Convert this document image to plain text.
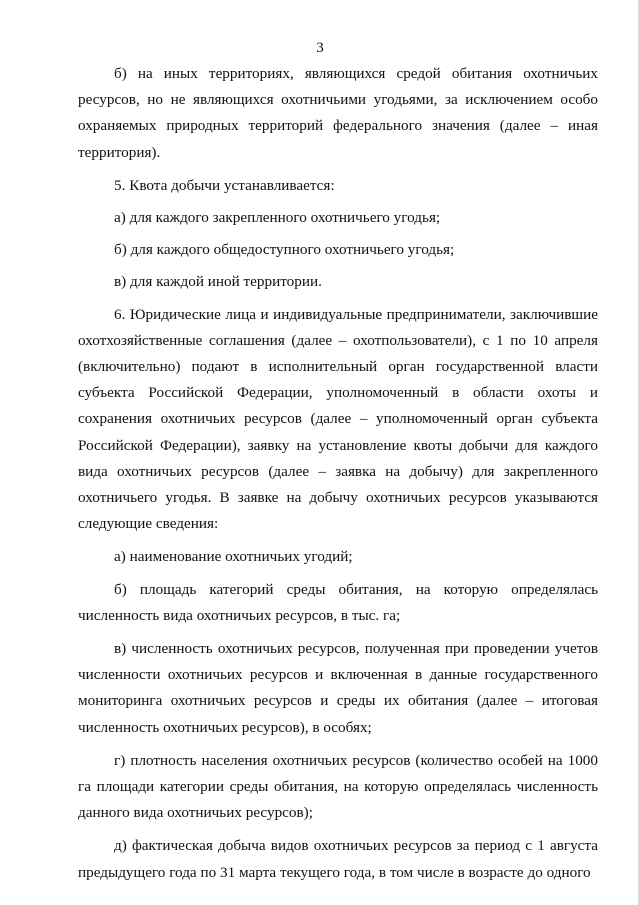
3

б) на иных территориях, являющихся средой обитания охотничьих ресурсов, но не являющихся охотничьими угодьями, за исключением особо охраняемых природных территорий федерального значения (далее – иная территория).

5. Квота добычи устанавливается:

а) для каждого закрепленного охотничьего угодья;

б) для каждого общедоступного охотничьего угодья;

в) для каждой иной территории.

6. Юридические лица и индивидуальные предприниматели, заключившие охотхозяйственные соглашения (далее – охотпользователи), с 1 по 10 апреля (включительно) подают в исполнительный орган государственной власти субъекта Российской Федерации, уполномоченный в области охоты и сохранения охотничьих ресурсов (далее – уполномоченный орган субъекта Российской Федерации), заявку на установление квоты добычи для каждого вида охотничьих ресурсов (далее – заявка на добычу) для закрепленного охотничьего угодья. В заявке на добычу охотничьих ресурсов указываются следующие сведения:

а) наименование охотничьих угодий;

б) площадь категорий среды обитания, на которую определялась численность вида охотничьих ресурсов, в тыс. га;

в) численность охотничьих ресурсов, полученная при проведении учетов численности охотничьих ресурсов и включенная в данные государственного мониторинга охотничьих ресурсов и среды их обитания (далее – итоговая численность охотничьих ресурсов), в особях;

г) плотность населения охотничьих ресурсов (количество особей на 1000 га площади категории среды обитания, на которую определялась численность данного вида охотничьих ресурсов);

д) фактическая добыча видов охотничьих ресурсов за период с 1 августа предыдущего года по 31 марта текущего года, в том числе в возрасте до одного
